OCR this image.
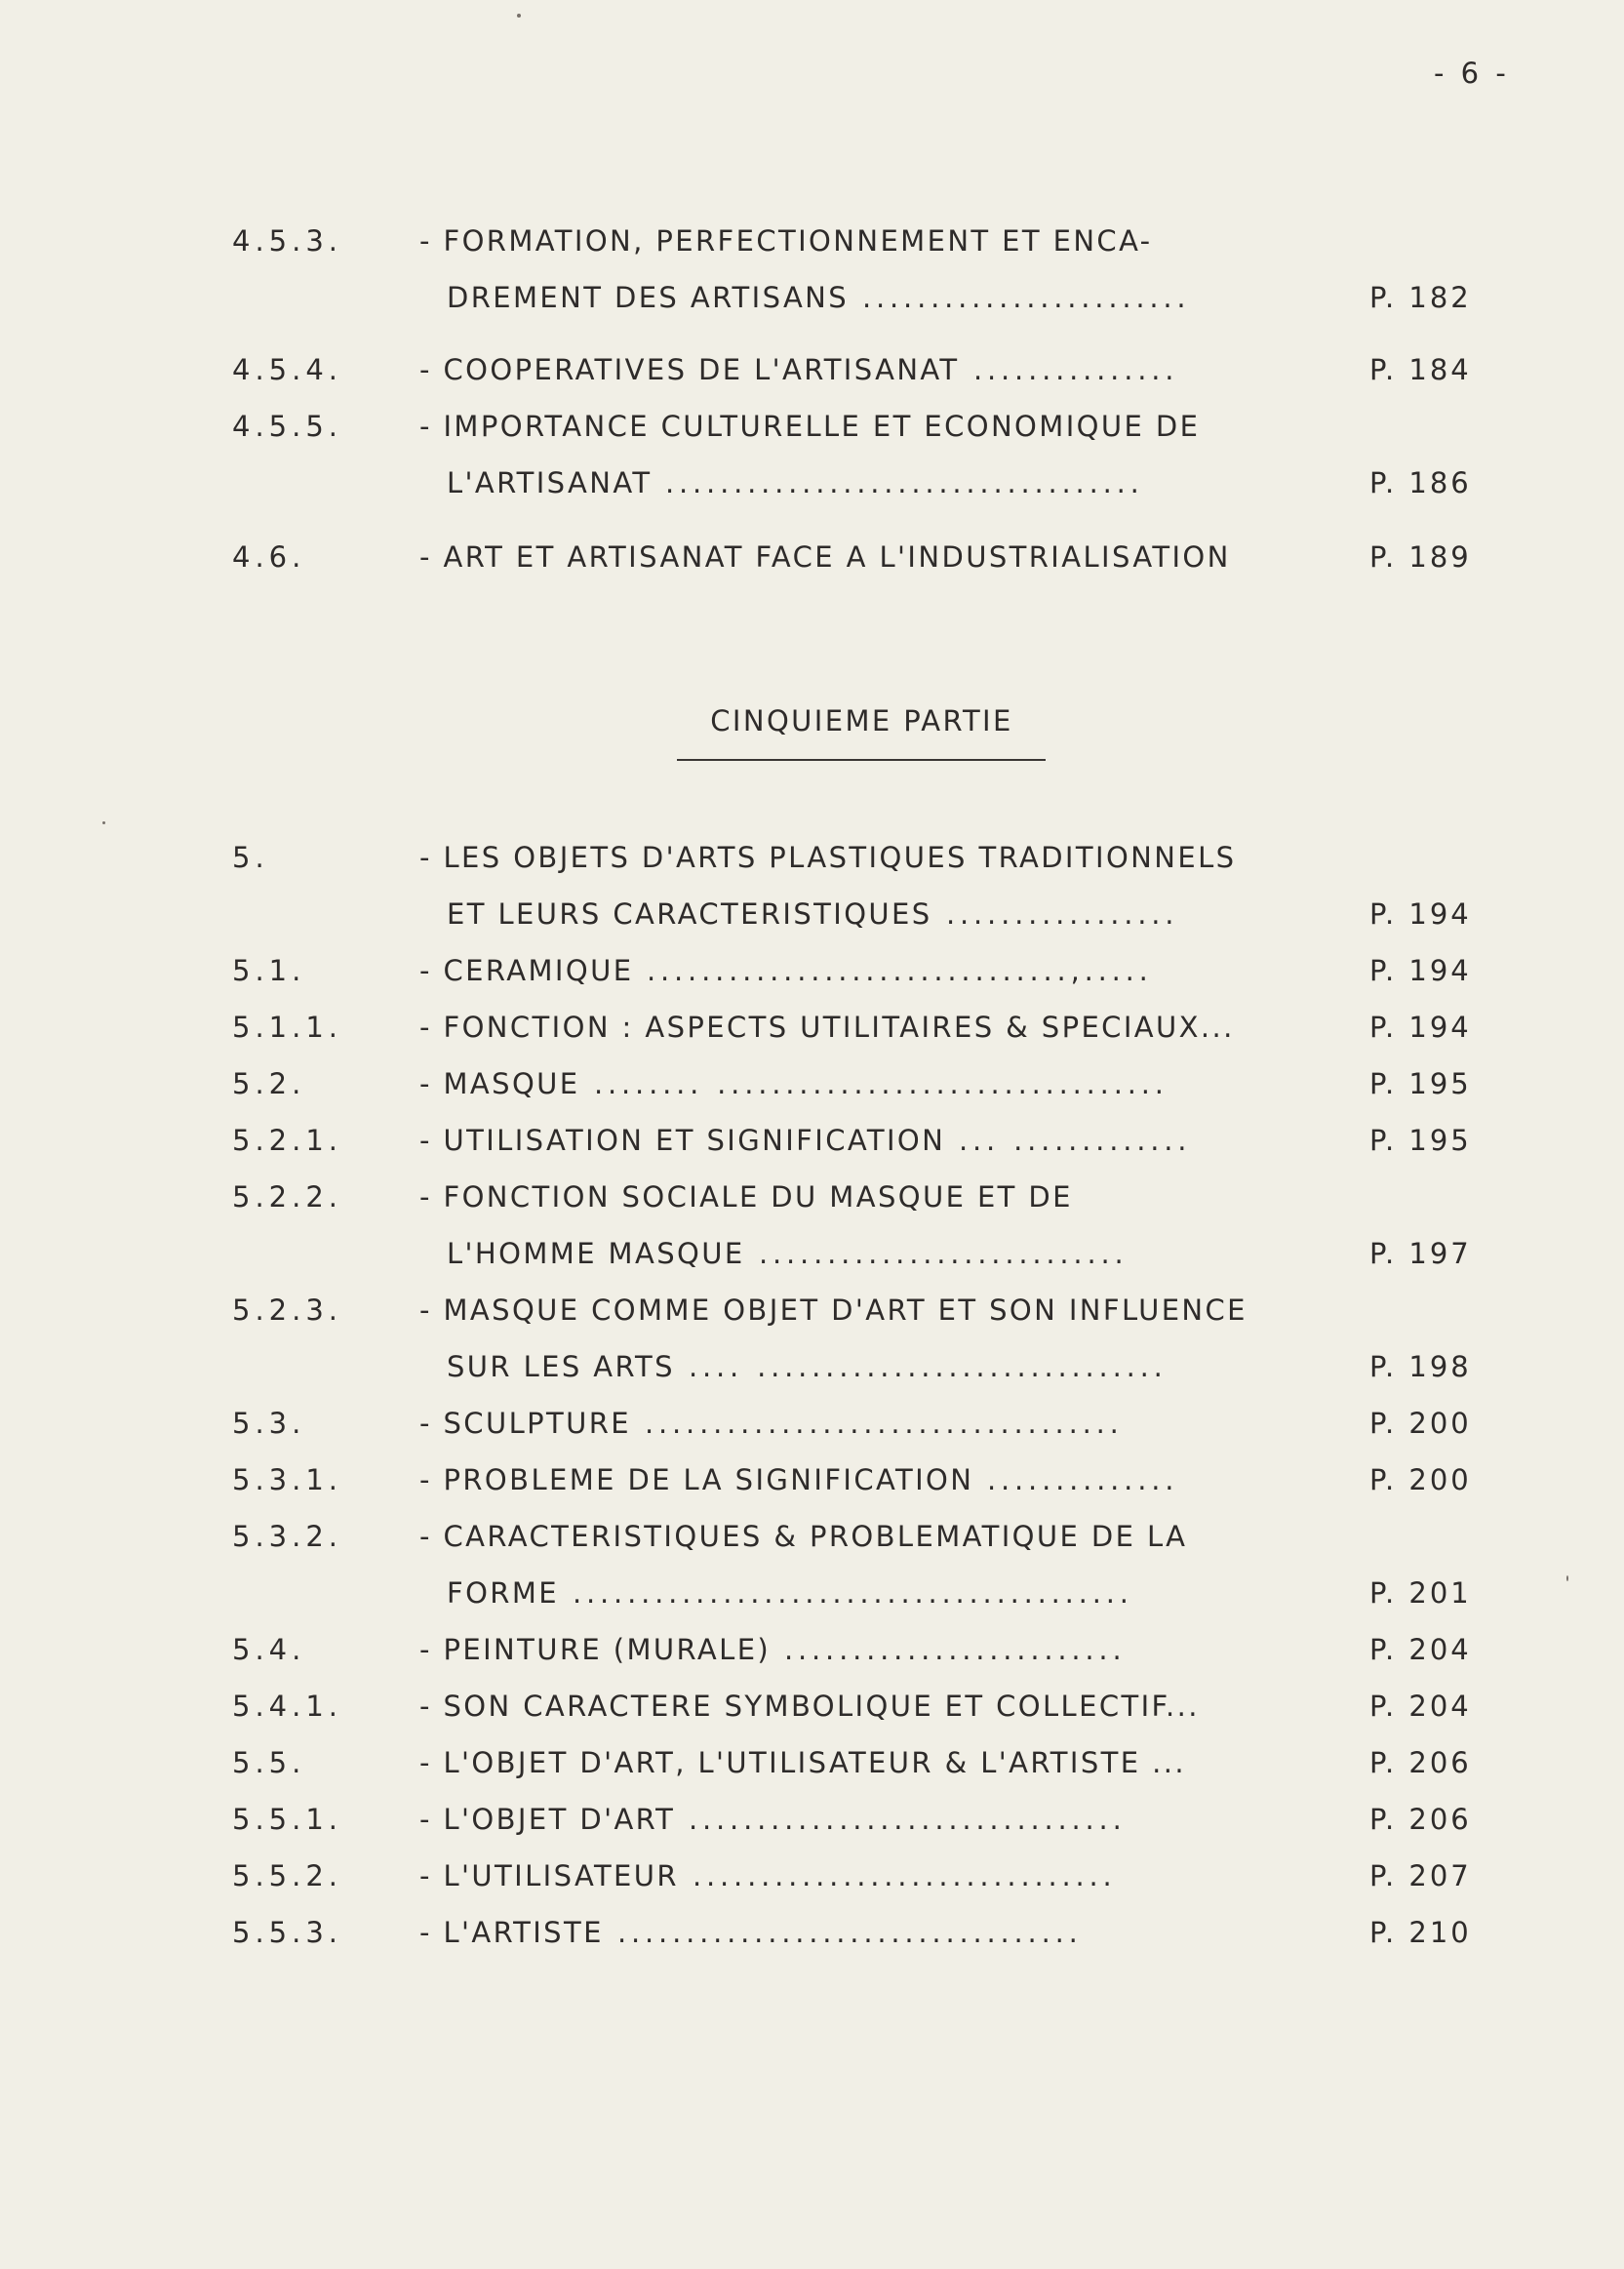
- 6 -
4.5.3.	- FORMATION, PERFECTIONNEMENT ET ENCA-
DREMENT DES ARTISANS ........................	P. 182
4.5.4.	- COOPERATIVES DE L'ARTISANAT ...............	P. 184
4.5.5.	- IMPORTANCE CULTURELLE ET ECONOMIQUE DE
L'ARTISANAT ...................................	P. 186
4.6.	- ART ET ARTISANAT FACE A L'INDUSTRIALISATION	P. 189
CINQUIEME PARTIE
5.	- LES OBJETS D'ARTS PLASTIQUES TRADITIONNELS
ET LEURS CARACTERISTIQUES .................	P. 194
5.1.	- CERAMIQUE ...............................,.....	P. 194
5.1.1.	- FONCTION : ASPECTS UTILITAIRES & SPECIAUX...	P. 194
5.2.	- MASQUE ........ .................................	P. 195
5.2.1.	- UTILISATION ET SIGNIFICATION ... .............	P. 195
5.2.2.	- FONCTION SOCIALE DU MASQUE ET DE
L'HOMME MASQUE ...........................	P. 197
5.2.3.	- MASQUE COMME OBJET D'ART ET SON INFLUENCE
SUR LES ARTS .... ..............................	P. 198
5.3.	- SCULPTURE ...................................	P. 200
5.3.1.	- PROBLEME DE LA SIGNIFICATION ..............	P. 200
5.3.2.	- CARACTERISTIQUES & PROBLEMATIQUE DE LA
FORME .........................................	P. 201
5.4.	- PEINTURE (MURALE) .........................	P. 204
5.4.1.	- SON CARACTERE SYMBOLIQUE ET COLLECTIF...	P. 204
5.5.	- L'OBJET D'ART, L'UTILISATEUR & L'ARTISTE ...	P. 206
5.5.1.	- L'OBJET D'ART ................................	P. 206
5.5.2.	- L'UTILISATEUR ...............................	P. 207
5.5.3.	- L'ARTISTE ..................................	P. 210
